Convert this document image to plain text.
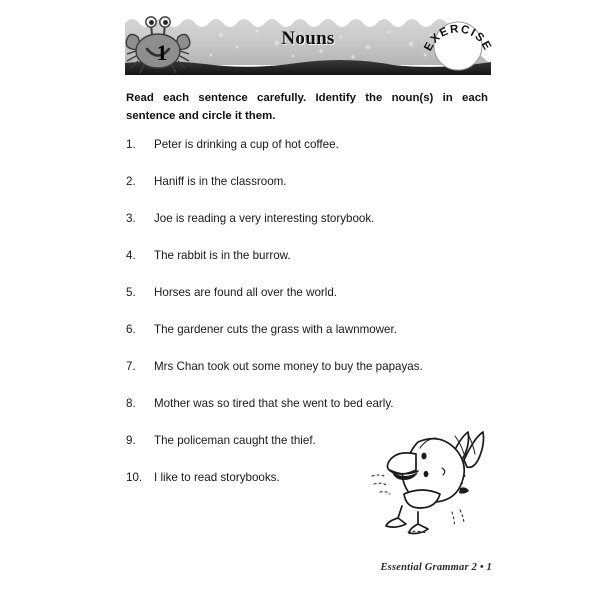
Nouns	EXERCISE
1
Read each sentence carefully. Identify the noun(s) in each sentence and circle it them.
1.	Peter is drinking a cup of hot coffee.
2.	Haniff is in the classroom.
3.	Joe is reading a very interesting storybook.
4.	The rabbit is in the burrow.
5.	Horses are found all over the world.
6.	The gardener cuts the grass with a lawnmower.
7.	Mrs Chan took out some money to buy the papayas.
8.	Mother was so tired that she went to bed early.
9.	The policeman caught the thief.
10.	I like to read storybooks.
Essential Grammar 2 • 1
